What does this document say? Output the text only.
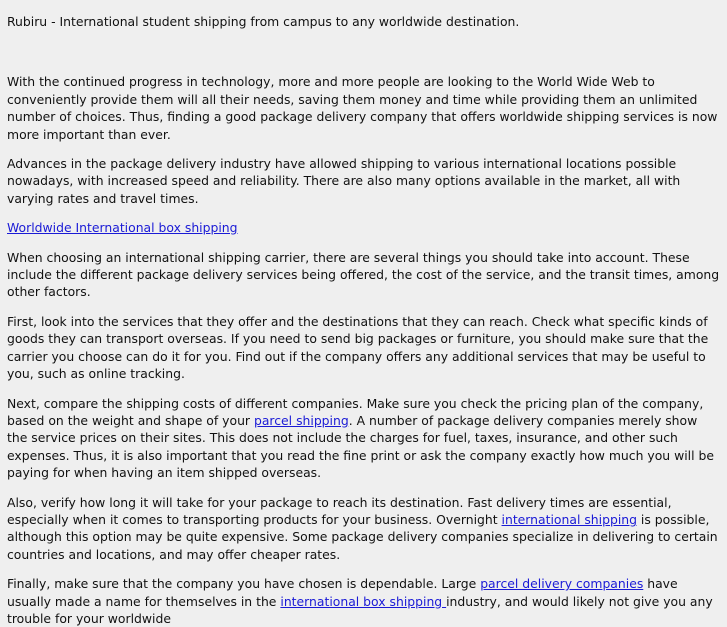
Rubiru - International student shipping from campus to any worldwide destination.

With the continued progress in technology, more and more people are looking to the World Wide Web to conveniently provide them will all their needs, saving them money and time while providing them an unlimited number of choices. Thus, finding a good package delivery company that offers worldwide shipping services is now more important than ever.

Advances in the package delivery industry have allowed shipping to various international locations possible nowadays, with increased speed and reliability. There are also many options available in the market, all with varying rates and travel times.

Worldwide International box shipping

When choosing an international shipping carrier, there are several things you should take into account. These include the different package delivery services being offered, the cost of the service, and the transit times, among other factors.

First, look into the services that they offer and the destinations that they can reach. Check what specific kinds of goods they can transport overseas. If you need to send big packages or furniture, you should make sure that the carrier you choose can do it for you. Find out if the company offers any additional services that may be useful to you, such as online tracking.

Next, compare the shipping costs of different companies. Make sure you check the pricing plan of the company, based on the weight and shape of your parcel shipping. A number of package delivery companies merely show the service prices on their sites. This does not include the charges for fuel, taxes, insurance, and other such expenses. Thus, it is also important that you read the fine print or ask the company exactly how much you will be paying for when having an item shipped overseas.

Also, verify how long it will take for your package to reach its destination. Fast delivery times are essential, especially when it comes to transporting products for your business. Overnight international shipping is possible, although this option may be quite expensive. Some package delivery companies specialize in delivering to certain countries and locations, and may offer cheaper rates.

Finally, make sure that the company you have chosen is dependable. Large parcel delivery companies have usually made a name for themselves in the international box shipping industry, and would likely not give you any trouble for your worldwide
